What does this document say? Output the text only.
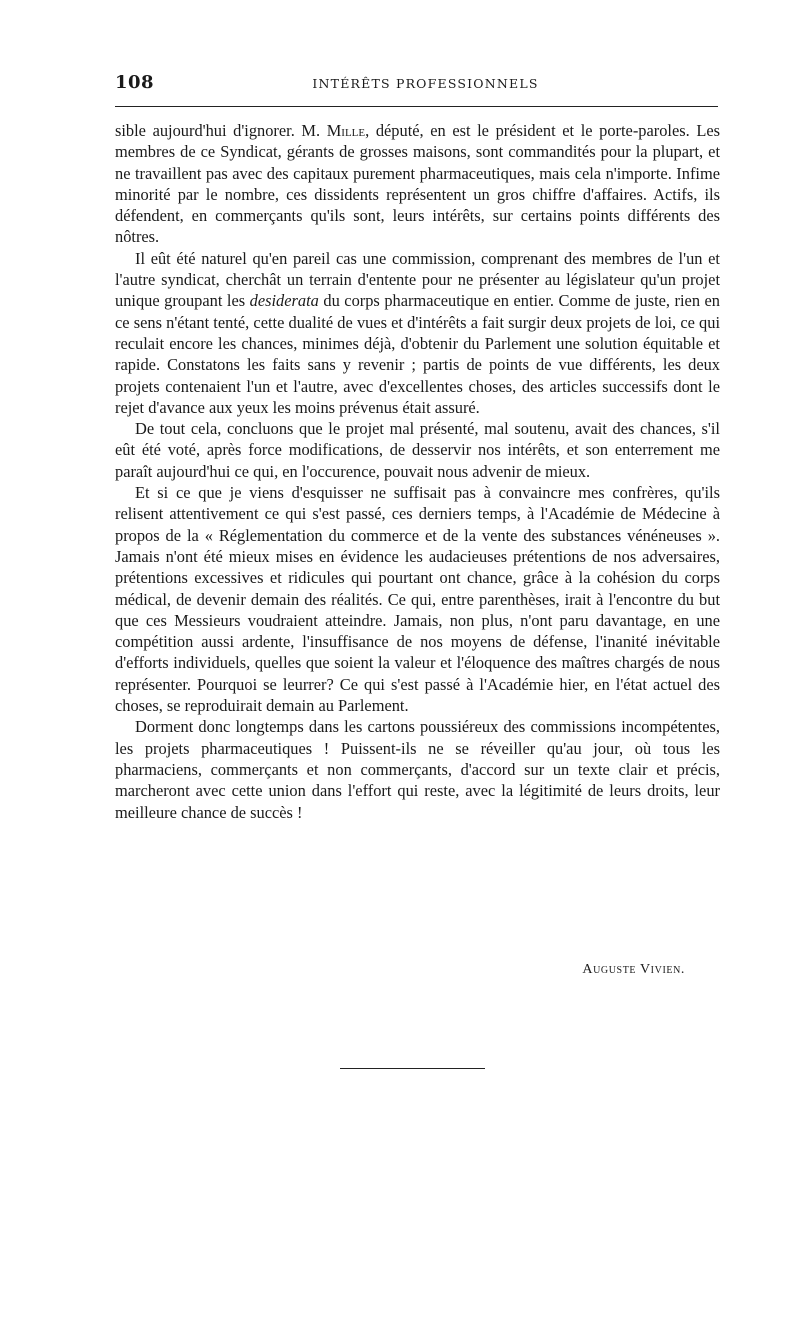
108	INTÉRÊTS PROFESSIONNELS

sible aujourd'hui d'ignorer. M. Mille, député, en est le président et le porte-paroles. Les membres de ce Syndicat, gérants de grosses maisons, sont commandités pour la plupart, et ne travaillent pas avec des capitaux purement pharmaceutiques, mais cela n'importe. Infime minorité par le nombre, ces dissidents représentent un gros chiffre d'affaires. Actifs, ils défendent, en commerçants qu'ils sont, leurs intérêts, sur certains points différents des nôtres.

Il eût été naturel qu'en pareil cas une commission, comprenant des membres de l'un et l'autre syndicat, cherchât un terrain d'entente pour ne présenter au législateur qu'un projet unique groupant les desiderata du corps pharmaceutique en entier. Comme de juste, rien en ce sens n'étant tenté, cette dualité de vues et d'intérêts a fait surgir deux projets de loi, ce qui reculait encore les chances, minimes déjà, d'obtenir du Parlement une solution équitable et rapide. Constatons les faits sans y revenir ; partis de points de vue différents, les deux projets contenaient l'un et l'autre, avec d'excellentes choses, des articles successifs dont le rejet d'avance aux yeux les moins prévenus était assuré.

De tout cela, concluons que le projet mal présenté, mal soutenu, avait des chances, s'il eût été voté, après force modifications, de desservir nos intérêts, et son enterrement me paraît aujourd'hui ce qui, en l'occurence, pouvait nous advenir de mieux.

Et si ce que je viens d'esquisser ne suffisait pas à convaincre mes confrères, qu'ils relisent attentivement ce qui s'est passé, ces derniers temps, à l'Académie de Médecine à propos de la « Réglementation du commerce et de la vente des substances vénéneuses ». Jamais n'ont été mieux mises en évidence les audacieuses prétentions de nos adversaires, prétentions excessives et ridicules qui pourtant ont chance, grâce à la cohésion du corps médical, de devenir demain des réalités. Ce qui, entre parenthèses, irait à l'encontre du but que ces Messieurs voudraient atteindre. Jamais, non plus, n'ont paru davantage, en une compétition aussi ardente, l'insuffisance de nos moyens de défense, l'inanité inévitable d'efforts individuels, quelles que soient la valeur et l'éloquence des maîtres chargés de nous représenter. Pourquoi se leurrer? Ce qui s'est passé à l'Académie hier, en l'état actuel des choses, se reproduirait demain au Parlement.

Dorment donc longtemps dans les cartons poussiéreux des commissions incompétentes, les projets pharmaceutiques ! Puissent-ils ne se réveiller qu'au jour, où tous les pharmaciens, commerçants et non commerçants, d'accord sur un texte clair et précis, marcheront avec cette union dans l'effort qui reste, avec la légitimité de leurs droits, leur meilleure chance de succès !

Auguste Vivien.
